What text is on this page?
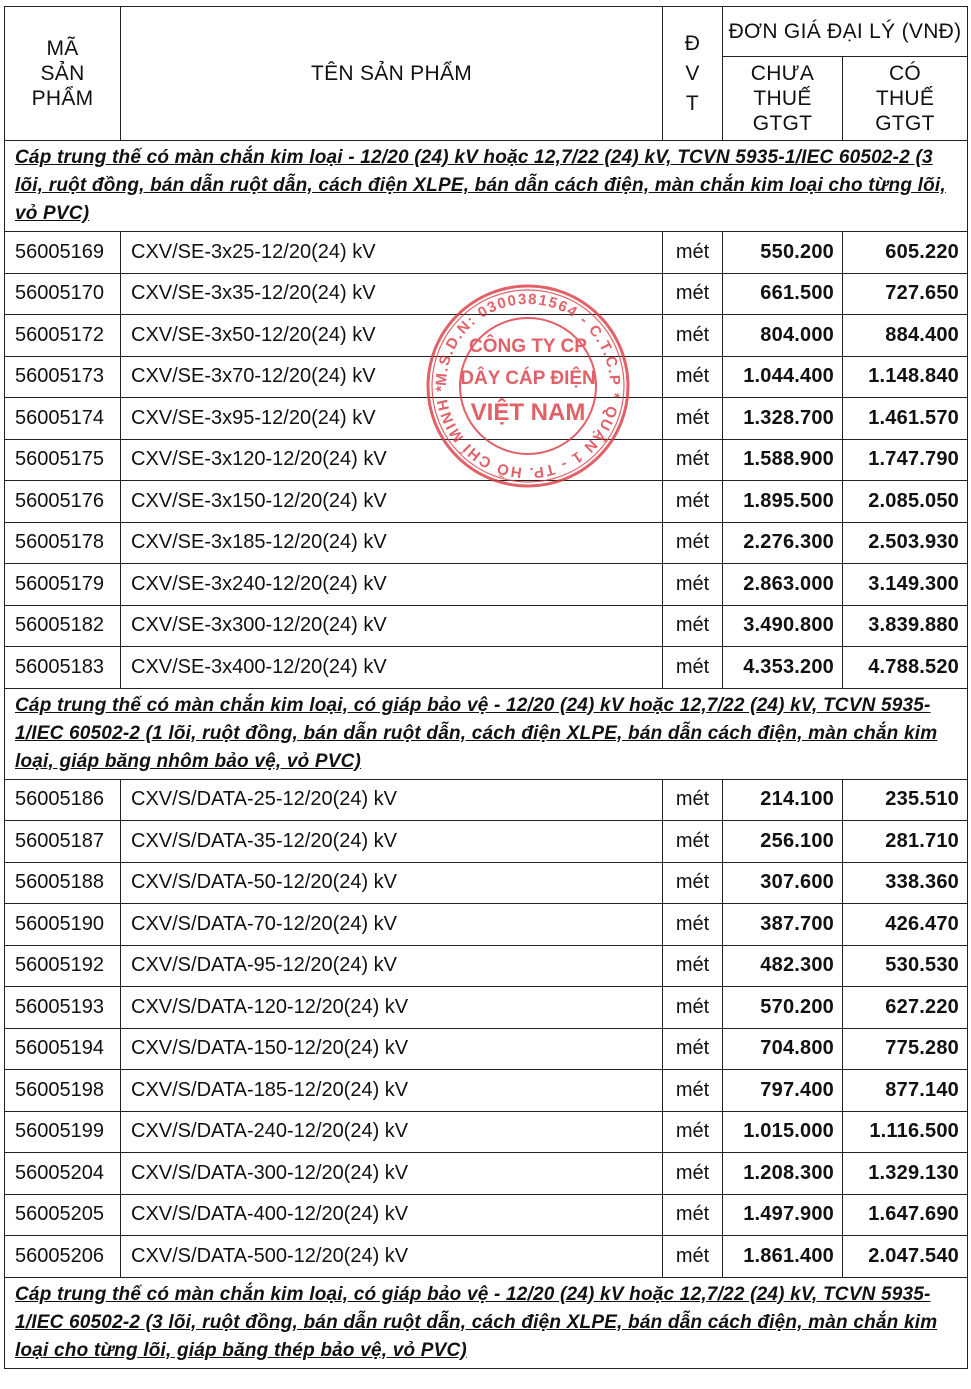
MÃ SẢN PHẨM	TÊN SẢN PHẨM	ĐVT	ĐƠN GIÁ ĐẠI LÝ (VNĐ)	
			CHƯA THUẾ GTGT	CÓ THUẾ GTGT
Cáp trung thế có màn chắn kim loại - 12/20 (24) kV hoặc 12,7/22 (24) kV, TCVN 5935-1/IEC 60502-2 (3 lõi, ruột đồng, bán dẫn ruột dẫn, cách điện XLPE, bán dẫn cách điện, màn chắn kim loại cho từng lõi, vỏ PVC)				
56005169	CXV/SE-3x25-12/20(24) kV	mét	550.200	605.220
56005170	CXV/SE-3x35-12/20(24) kV	mét	661.500	727.650
56005172	CXV/SE-3x50-12/20(24) kV	mét	804.000	884.400
56005173	CXV/SE-3x70-12/20(24) kV	mét	1.044.400	1.148.840
56005174	CXV/SE-3x95-12/20(24) kV	mét	1.328.700	1.461.570
56005175	CXV/SE-3x120-12/20(24) kV	mét	1.588.900	1.747.790
56005176	CXV/SE-3x150-12/20(24) kV	mét	1.895.500	2.085.050
56005178	CXV/SE-3x185-12/20(24) kV	mét	2.276.300	2.503.930
56005179	CXV/SE-3x240-12/20(24) kV	mét	2.863.000	3.149.300
56005182	CXV/SE-3x300-12/20(24) kV	mét	3.490.800	3.839.880
56005183	CXV/SE-3x400-12/20(24) kV	mét	4.353.200	4.788.520
Cáp trung thế có màn chắn kim loại, có giáp bảo vệ - 12/20 (24) kV hoặc 12,7/22 (24) kV, TCVN 5935-1/IEC 60502-2 (1 lõi, ruột đồng, bán dẫn ruột dẫn, cách điện XLPE, bán dẫn cách điện, màn chắn kim loại, giáp băng nhôm bảo vệ, vỏ PVC)				
56005186	CXV/S/DATA-25-12/20(24) kV	mét	214.100	235.510
56005187	CXV/S/DATA-35-12/20(24) kV	mét	256.100	281.710
56005188	CXV/S/DATA-50-12/20(24) kV	mét	307.600	338.360
56005190	CXV/S/DATA-70-12/20(24) kV	mét	387.700	426.470
56005192	CXV/S/DATA-95-12/20(24) kV	mét	482.300	530.530
56005193	CXV/S/DATA-120-12/20(24) kV	mét	570.200	627.220
56005194	CXV/S/DATA-150-12/20(24) kV	mét	704.800	775.280
56005198	CXV/S/DATA-185-12/20(24) kV	mét	797.400	877.140
56005199	CXV/S/DATA-240-12/20(24) kV	mét	1.015.000	1.116.500
56005204	CXV/S/DATA-300-12/20(24) kV	mét	1.208.300	1.329.130
56005205	CXV/S/DATA-400-12/20(24) kV	mét	1.497.900	1.647.690
56005206	CXV/S/DATA-500-12/20(24) kV	mét	1.861.400	2.047.540
Cáp trung thế có màn chắn kim loại, có giáp bảo vệ - 12/20 (24) kV hoặc 12,7/22 (24) kV, TCVN 5935-1/IEC 60502-2 (3 lõi, ruột đồng, bán dẫn ruột dẫn, cách điện XLPE, bán dẫn cách điện, màn chắn kim loại cho từng lõi, giáp băng thép bảo vệ, vỏ PVC)				
M.S.D.N: 0300381564 - C.T.C.P * QUẬN 1 - TP. HỒ CHÍ MINH *
CÔNG TY CP
DÂY CÁP ĐIỆN
VIỆT NAM
